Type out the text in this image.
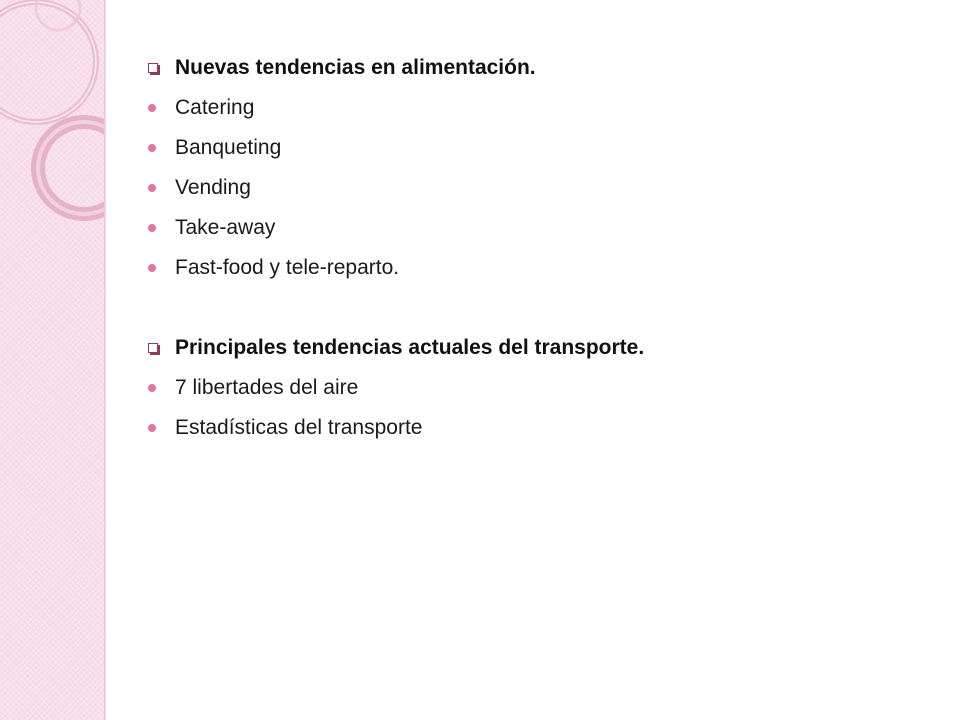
Nuevas tendencias en alimentación.
Catering
Banqueting
Vending
Take-away
Fast-food y tele-reparto.
Principales tendencias actuales del transporte.
7 libertades del aire
Estadísticas del transporte
